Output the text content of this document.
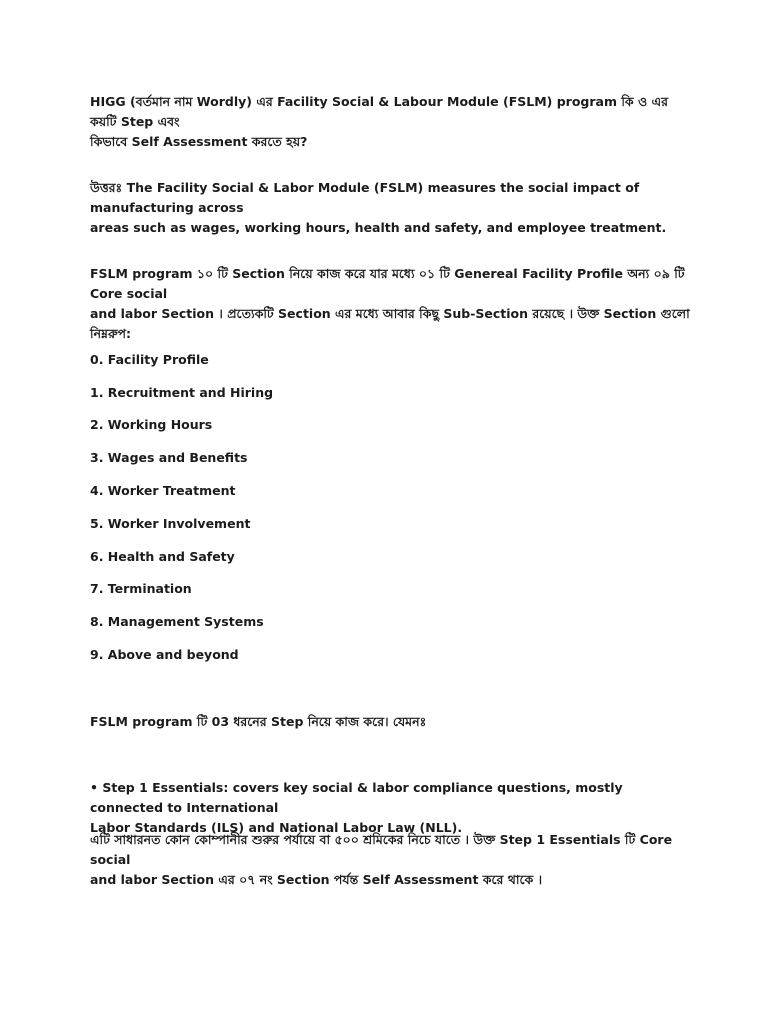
HIGG (বর্তমান নাম Wordly) এর Facility Social & Labour Module (FSLM) program কি ও এর কয়টি Step এবং
কিভাবে Self Assessment করতে হয়?

উত্তরঃ The Facility Social & Labor Module (FSLM) measures the social impact of manufacturing across
areas such as wages, working hours, health and safety, and employee treatment.

FSLM program ১০ টি Section নিয়ে কাজ করে যার মধ্যে ০১ টি Genereal Facility Profile অন্য ০৯ টি Core social
and labor Section । প্রত্যেকটি Section এর মধ্যে আবার কিছু Sub-Section রয়েছে । উক্ত Section গুলো নিম্নরুপ:

0. Facility Profile

1. Recruitment and Hiring

2. Working Hours

3. Wages and Benefits

4. Worker Treatment

5. Worker Involvement

6. Health and Safety

7. Termination

8. Management Systems

9. Above and beyond

FSLM program টি 03 ধরনের Step নিয়ে কাজ করে। যেমনঃ

• Step 1 Essentials: covers key social & labor compliance questions, mostly connected to International
Labor Standards (ILS) and National Labor Law (NLL).

এটি সাধারনত কোন কোম্পানীর শুরুর পর্যায়ে বা ৫০০ শ্রমিকের নিচে যাতে । উক্ত Step 1 Essentials টি Core social
and labor Section এর ০৭ নং Section পর্যন্ত Self Assessment করে থাকে ।
